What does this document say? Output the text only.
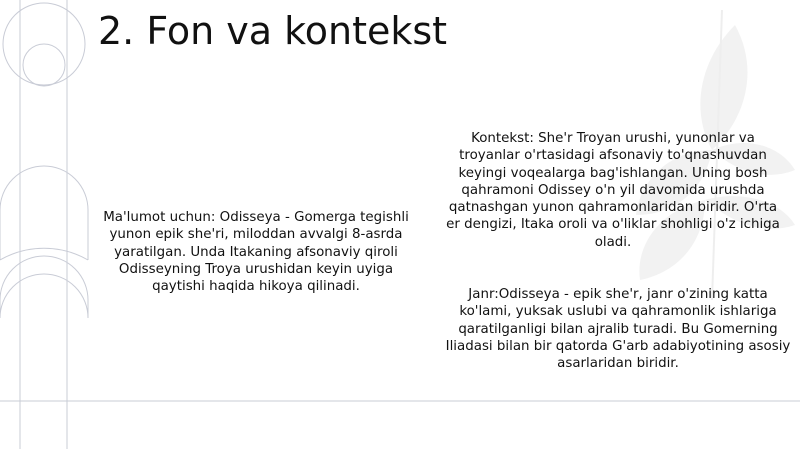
2. Fon va kontekst

Ma'lumot uchun: Odisseya - Gomerga tegishli yunon epik she'ri, miloddan avvalgi 8-asrda yaratilgan. Unda Itakaning afsonaviy qiroli Odisseyning Troya urushidan keyin uyiga qaytishi haqida hikoya qilinadi.

Kontekst: She'r Troyan urushi, yunonlar va troyanlar o'rtasidagi afsonaviy to'qnashuvdan keyingi voqealarga bag'ishlangan. Uning bosh qahramoni Odissey o'n yil davomida urushda qatnashgan yunon qahramonlaridan biridir. O'rta er dengizi, Itaka oroli va o'liklar shohligi o'z ichiga oladi.

Janr:Odisseya - epik she'r, janr o'zining katta ko'lami, yuksak uslubi va qahramonlik ishlariga qaratilganligi bilan ajralib turadi. Bu Gomerning Iliadasi bilan bir qatorda G'arb adabiyotining asosiy asarlaridan biridir.
